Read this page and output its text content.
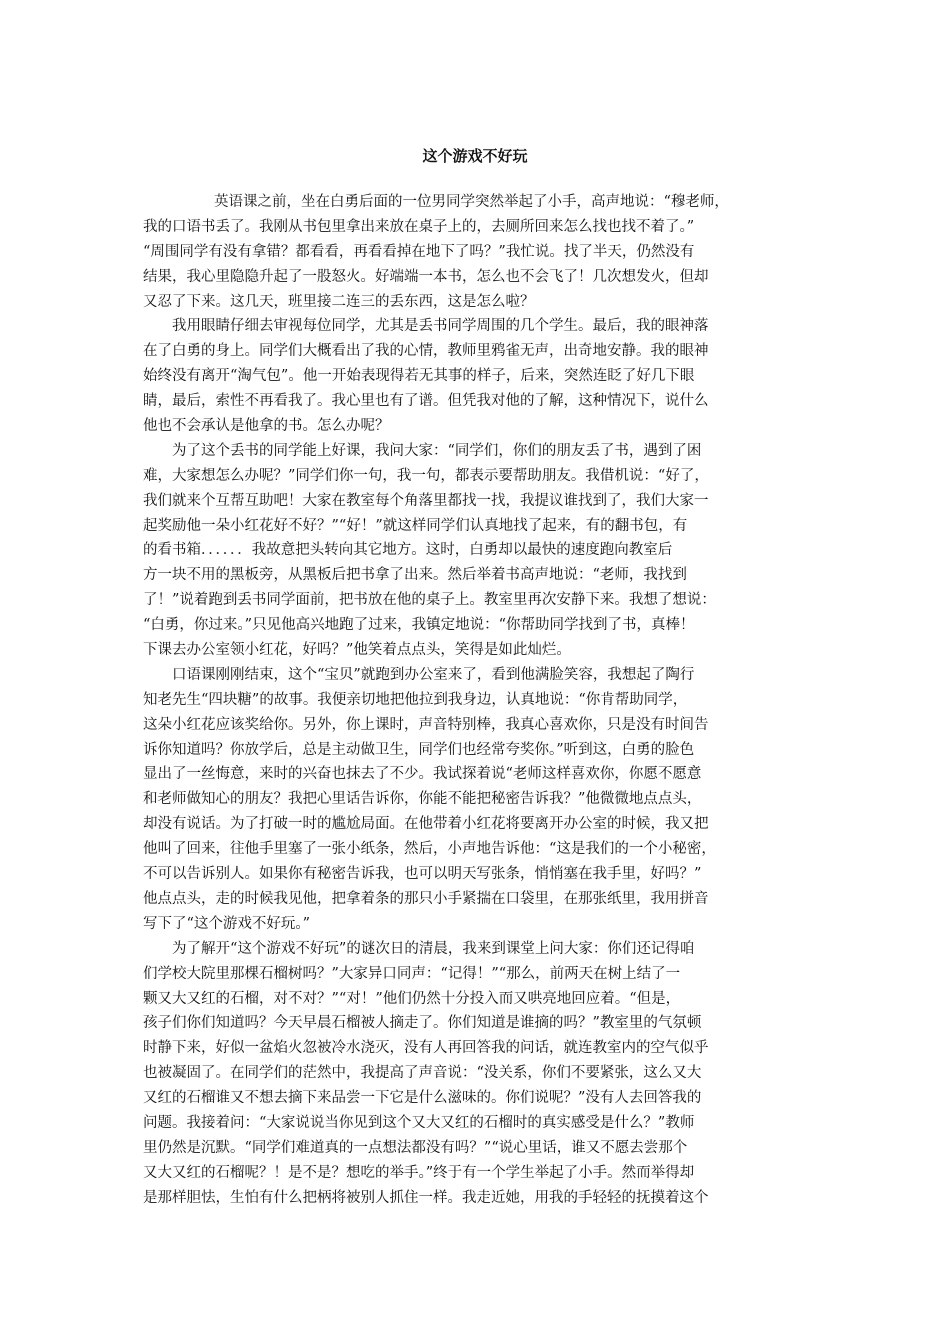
这个游戏不好玩
英语课之前，坐在白勇后面的一位男同学突然举起了小手，高声地说：“穆老师，
我的口语书丢了。我刚从书包里拿出来放在桌子上的，去厕所回来怎么找也找不着了。”
“周围同学有没有拿错？都看看，再看看掉在地下了吗？”我忙说。找了半天，仍然没有
结果，我心里隐隐升起了一股怒火。好端端一本书，怎么也不会飞了！几次想发火，但却
又忍了下来。这几天，班里接二连三的丢东西，这是怎么啦？
我用眼睛仔细去审视每位同学，尤其是丢书同学周围的几个学生。最后，我的眼神落
在了白勇的身上。同学们大概看出了我的心情，教师里鸦雀无声，出奇地安静。我的眼神
始终没有离开“淘气包”。他一开始表现得若无其事的样子，后来，突然连眨了好几下眼
睛，最后，索性不再看我了。我心里也有了谱。但凭我对他的了解，这种情况下，说什么
他也不会承认是他拿的书。怎么办呢？
为了这个丢书的同学能上好课，我问大家：“同学们，你们的朋友丢了书，遇到了困
难，大家想怎么办呢？”同学们你一句，我一句，都表示要帮助朋友。我借机说：“好了，
我们就来个互帮互助吧！大家在教室每个角落里都找一找，我提议谁找到了，我们大家一
起奖励他一朵小红花好不好？”“好！”就这样同学们认真地找了起来，有的翻书包，有
的看书箱．．．．．．我故意把头转向其它地方。这时，白勇却以最快的速度跑向教室后
方一块不用的黑板旁，从黑板后把书拿了出来。然后举着书高声地说：“老师，我找到
了！”说着跑到丢书同学面前，把书放在他的桌子上。教室里再次安静下来。我想了想说：
“白勇，你过来。”只见他高兴地跑了过来，我镇定地说：“你帮助同学找到了书，真棒！
下课去办公室领小红花，好吗？”他笑着点点头，笑得是如此灿烂。
口语课刚刚结束，这个“宝贝”就跑到办公室来了，看到他满脸笑容，我想起了陶行
知老先生“四块糖”的故事。我便亲切地把他拉到我身边，认真地说：“你肯帮助同学，
这朵小红花应该奖给你。另外，你上课时，声音特别棒，我真心喜欢你，只是没有时间告
诉你知道吗？你放学后，总是主动做卫生，同学们也经常夸奖你。”听到这，白勇的脸色
显出了一丝悔意，来时的兴奋也抹去了不少。我试探着说“老师这样喜欢你，你愿不愿意
和老师做知心的朋友？我把心里话告诉你，你能不能把秘密告诉我？”他微微地点点头，
却没有说话。为了打破一时的尴尬局面。在他带着小红花将要离开办公室的时候，我又把
他叫了回来，往他手里塞了一张小纸条，然后，小声地告诉他：“这是我们的一个小秘密，
不可以告诉别人。如果你有秘密告诉我，也可以明天写张条，悄悄塞在我手里，好吗？”
他点点头，走的时候我见他，把拿着条的那只小手紧揣在口袋里，在那张纸里，我用拼音
写下了“这个游戏不好玩。”
为了解开“这个游戏不好玩”的谜次日的清晨，我来到课堂上问大家：你们还记得咱
们学校大院里那棵石榴树吗？”大家异口同声：“记得！”“那么，前两天在树上结了一
颗又大又红的石榴，对不对？”“对！”他们仍然十分投入而又哄亮地回应着。“但是，
孩子们你们知道吗？今天早晨石榴被人摘走了。你们知道是谁摘的吗？”教室里的气氛顿
时静下来，好似一盆焰火忽被冷水浇灭，没有人再回答我的问话，就连教室内的空气似乎
也被凝固了。在同学们的茫然中，我提高了声音说：“没关系，你们不要紧张，这么又大
又红的石榴谁又不想去摘下来品尝一下它是什么滋味的。你们说呢？”没有人去回答我的
问题。我接着问：“大家说说当你见到这个又大又红的石榴时的真实感受是什么？”教师
里仍然是沉默。“同学们难道真的一点想法都没有吗？”“说心里话，谁又不愿去尝那个
又大又红的石榴呢？！是不是？想吃的举手。”终于有一个学生举起了小手。然而举得却
是那样胆怯，生怕有什么把柄将被别人抓住一样。我走近她，用我的手轻轻的抚摸着这个
